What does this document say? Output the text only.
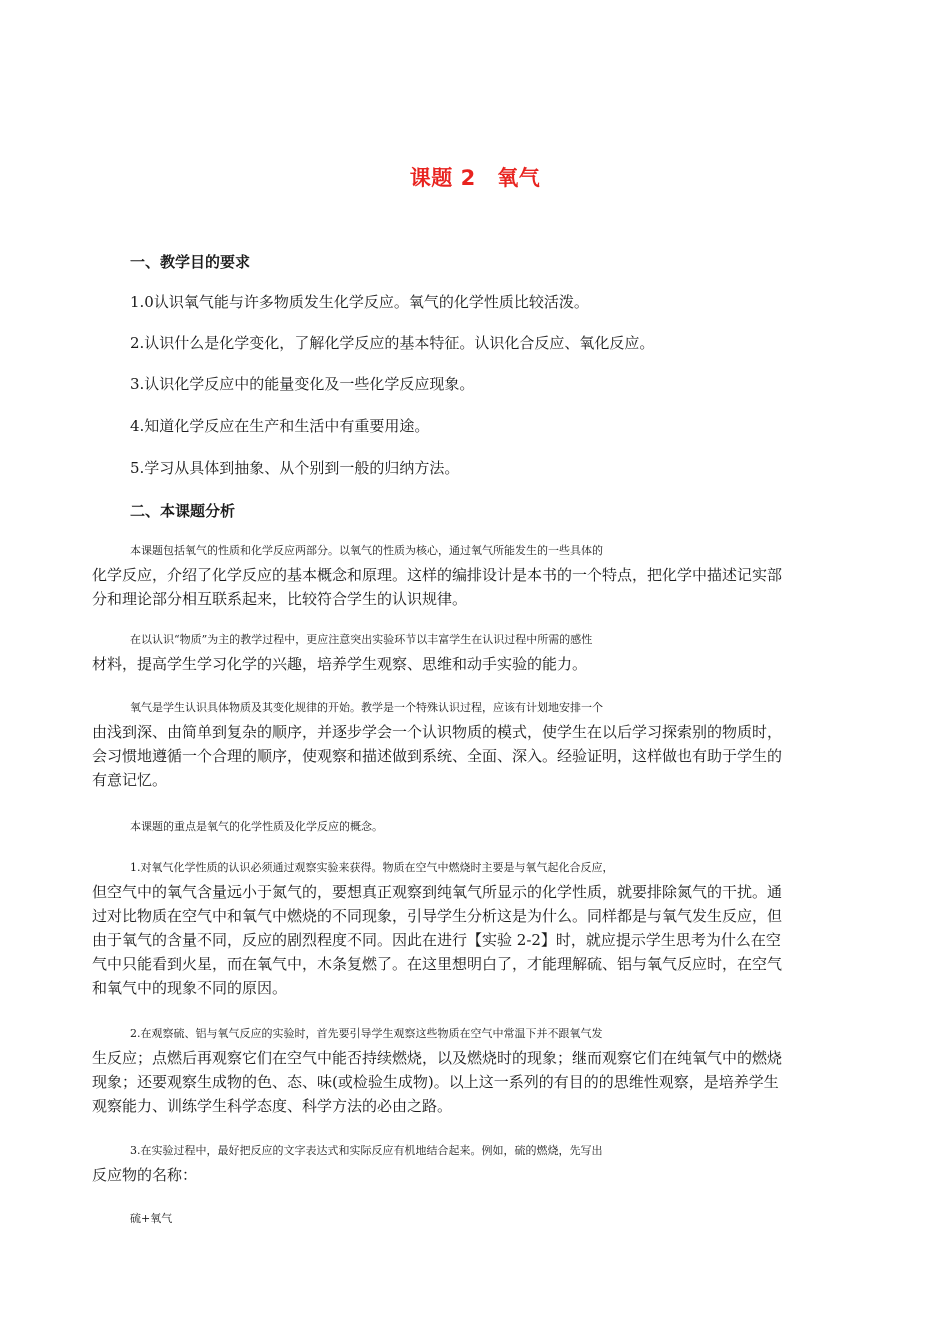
课题 2　氧气
一、教学目的要求
1.0认识氧气能与许多物质发生化学反应。氧气的化学性质比较活泼。
2.认识什么是化学变化，了解化学反应的基本特征。认识化合反应、氧化反应。
3.认识化学反应中的能量变化及一些化学反应现象。
4.知道化学反应在生产和生活中有重要用途。
5.学习从具体到抽象、从个别到一般的归纳方法。
二、本课题分析
本课题包括氧气的性质和化学反应两部分。以氧气的性质为核心，通过氧气所能发生的一些具体的
化学反应，介绍了化学反应的基本概念和原理。这样的编排设计是本书的一个特点，把化学中描述记实部
分和理论部分相互联系起来，比较符合学生的认识规律。
在以认识“物质”为主的教学过程中，更应注意突出实验环节以丰富学生在认识过程中所需的感性
材料，提高学生学习化学的兴趣，培养学生观察、思维和动手实验的能力。
氧气是学生认识具体物质及其变化规律的开始。教学是一个特殊认识过程，应该有计划地安排一个
由浅到深、由简单到复杂的顺序，并逐步学会一个认识物质的模式，使学生在以后学习探索别的物质时，
会习惯地遵循一个合理的顺序，使观察和描述做到系统、全面、深入。经验证明，这样做也有助于学生的
有意记忆。
本课题的重点是氧气的化学性质及化学反应的概念。
1.对氧气化学性质的认识必须通过观察实验来获得。物质在空气中燃烧时主要是与氧气起化合反应，
但空气中的氧气含量远小于氮气的，要想真正观察到纯氧气所显示的化学性质，就要排除氮气的干扰。通
过对比物质在空气中和氧气中燃烧的不同现象，引导学生分析这是为什么。同样都是与氧气发生反应，但
由于氧气的含量不同，反应的剧烈程度不同。因此在进行【实验 2-2】时，就应提示学生思考为什么在空
气中只能看到火星，而在氧气中，木条复燃了。在这里想明白了，才能理解硫、铝与氧气反应时，在空气
和氧气中的现象不同的原因。
2.在观察硫、铝与氧气反应的实验时，首先要引导学生观察这些物质在空气中常温下并不跟氧气发
生反应；点燃后再观察它们在空气中能否持续燃烧，以及燃烧时的现象；继而观察它们在纯氧气中的燃烧
现象；还要观察生成物的色、态、味(或检验生成物)。以上这一系列的有目的的思维性观察，是培养学生
观察能力、训练学生科学态度、科学方法的必由之路。
3.在实验过程中，最好把反应的文字表达式和实际反应有机地结合起来。例如，硫的燃烧，先写出
反应物的名称：
硫+氧气
